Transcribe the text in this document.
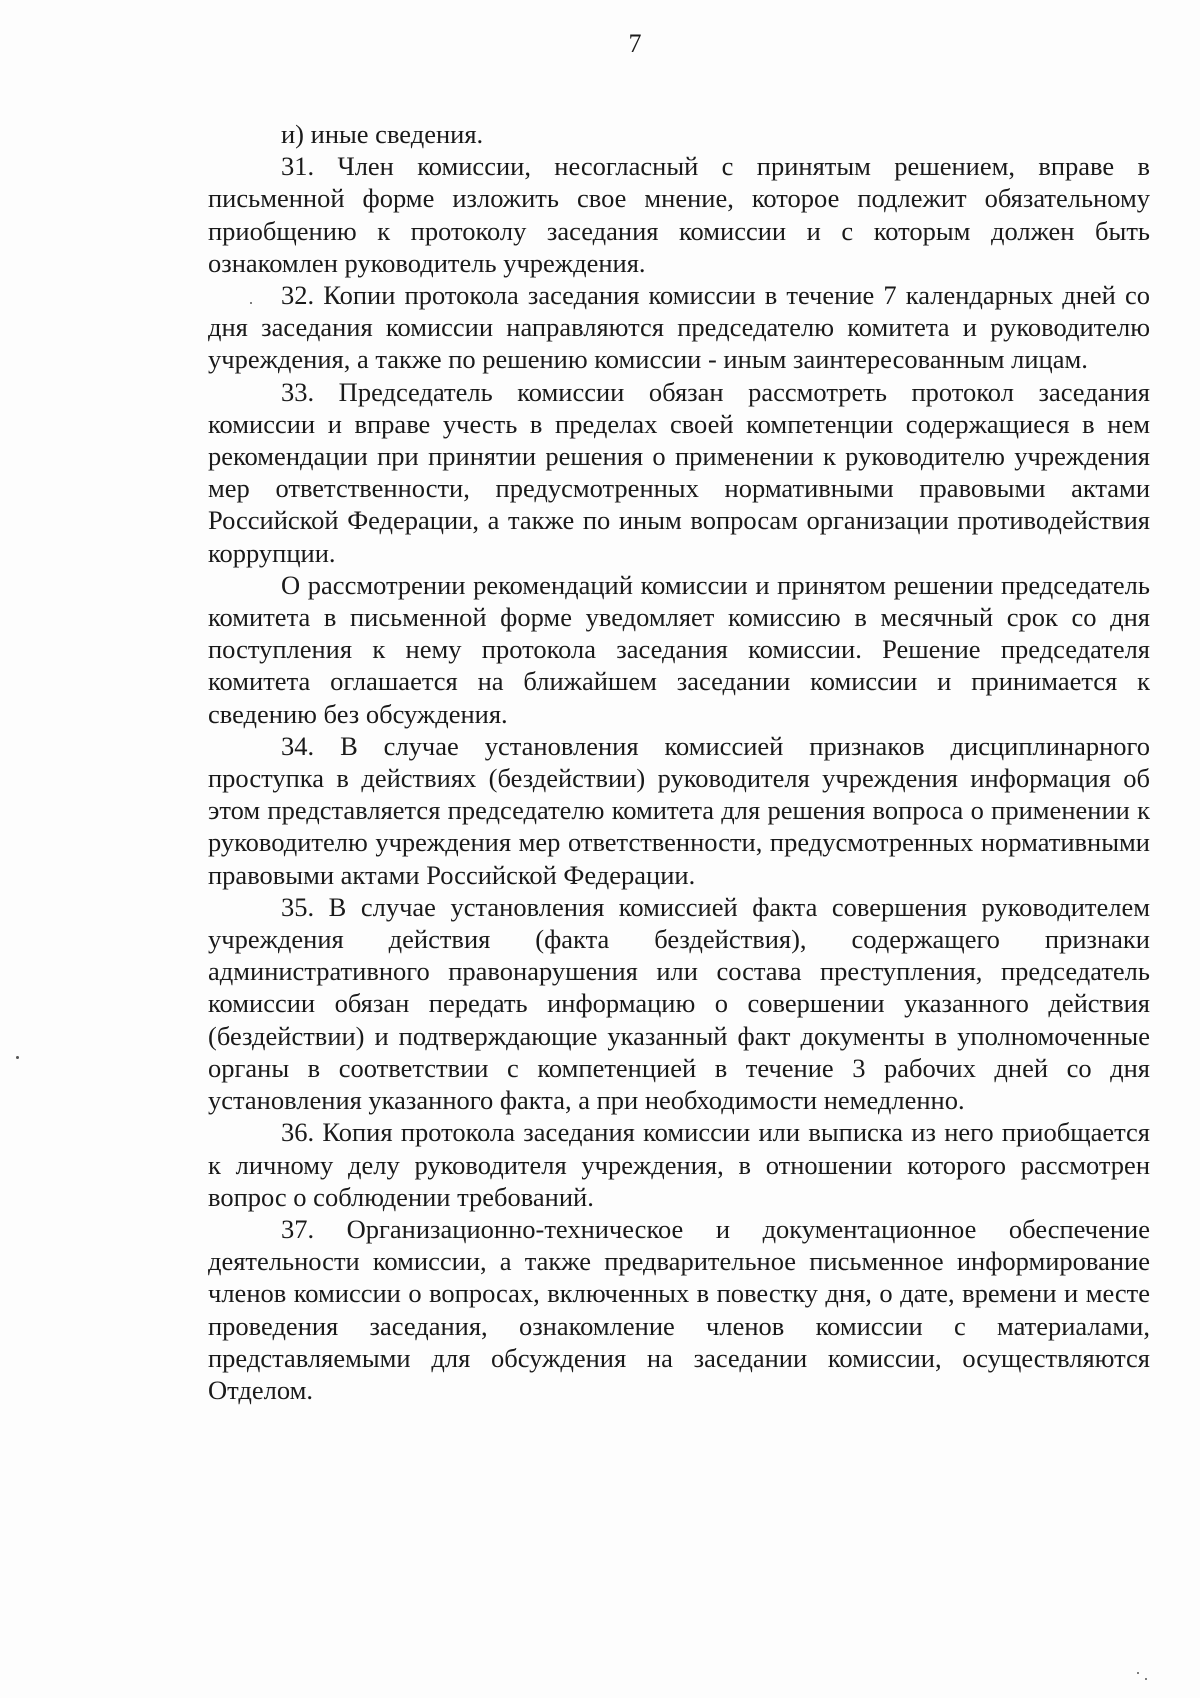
7

и) иные сведения.

31. Член комиссии, несогласный с принятым решением, вправе в письменной форме изложить свое мнение, которое подлежит обязательному приобщению к протоколу заседания комиссии и с которым должен быть ознакомлен руководитель учреждения.

32. Копии протокола заседания комиссии в течение 7 календарных дней со дня заседания комиссии направляются председателю комитета и руководителю учреждения, а также по решению комиссии - иным заинтересованным лицам.

33. Председатель комиссии обязан рассмотреть протокол заседания комиссии и вправе учесть в пределах своей компетенции содержащиеся в нем рекомендации при принятии решения о применении к руководителю учреждения мер ответственности, предусмотренных нормативными правовыми актами Российской Федерации, а также по иным вопросам организации противодействия коррупции.

О рассмотрении рекомендаций комиссии и принятом решении председатель комитета в письменной форме уведомляет комиссию в месячный срок со дня поступления к нему протокола заседания комиссии. Решение председателя комитета оглашается на ближайшем заседании комиссии и принимается к сведению без обсуждения.

34. В случае установления комиссией признаков дисциплинарного проступка в действиях (бездействии) руководителя учреждения информация об этом представляется председателю комитета для решения вопроса о применении к руководителю учреждения мер ответственности, предусмотренных нормативными правовыми актами Российской Федерации.

35. В случае установления комиссией факта совершения руководителем учреждения действия (факта бездействия), содержащего признаки административного правонарушения или состава преступления, председатель комиссии обязан передать информацию о совершении указанного действия (бездействии) и подтверждающие указанный факт документы в уполномоченные органы в соответствии с компетенцией в течение 3 рабочих дней со дня установления указанного факта, а при необходимости немедленно.

36. Копия протокола заседания комиссии или выписка из него приобщается к личному делу руководителя учреждения, в отношении которого рассмотрен вопрос о соблюдении требований.

37. Организационно-техническое и документационное обеспечение деятельности комиссии, а также предварительное письменное информирование членов комиссии о вопросах, включенных в повестку дня, о дате, времени и месте проведения заседания, ознакомление членов комиссии с материалами, представляемыми для обсуждения на заседании комиссии, осуществляются Отделом.
